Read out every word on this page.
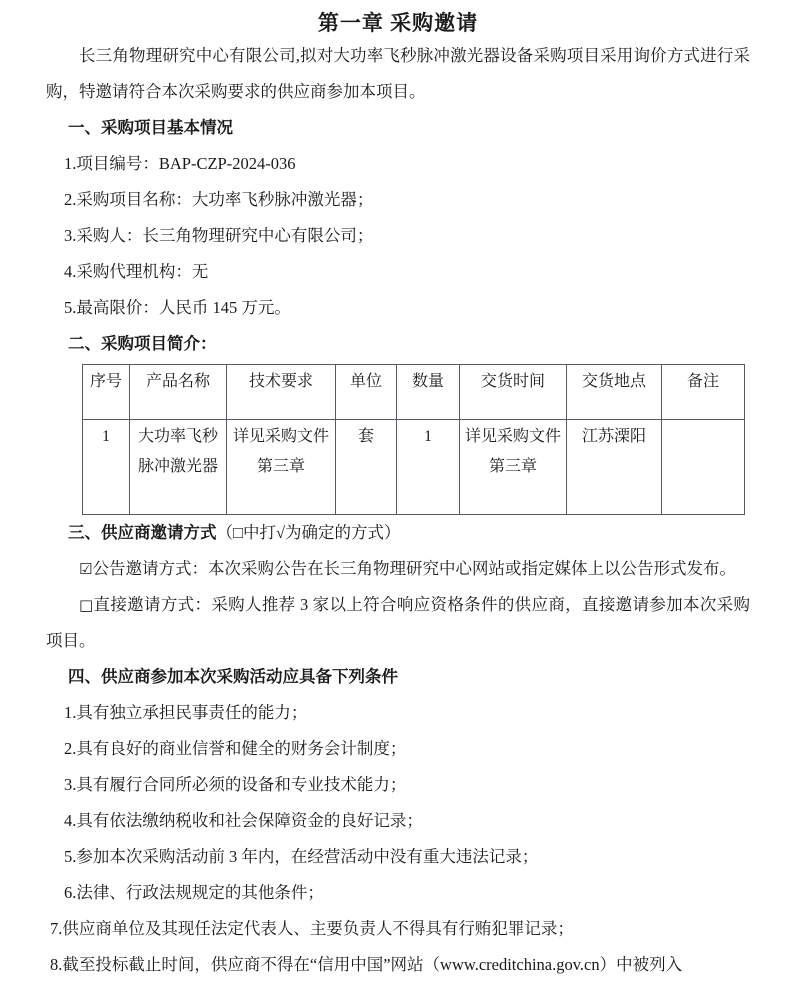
第一章 采购邀请

长三角物理研究中心有限公司,拟对大功率飞秒脉冲激光器设备采购项目采用询价方式进行采购，特邀请符合本次采购要求的供应商参加本项目。

一、采购项目基本情况
1.项目编号：BAP-CZP-2024-036
2.采购项目名称：大功率飞秒脉冲激光器；
3.采购人：长三角物理研究中心有限公司；
4.采购代理机构：无
5.最高限价：人民币 145 万元。
二、采购项目简介：
序号	产品名称	技术要求	单位	数量	交货时间	交货地点	备注
1	大功率飞秒脉冲激光器	详见采购文件第三章	套	1	详见采购文件第三章	江苏溧阳	
三、供应商邀请方式（□中打√为确定的方式）

☑公告邀请方式：本次采购公告在长三角物理研究中心网站或指定媒体上以公告形式发布。

□直接邀请方式：采购人推荐 3 家以上符合响应资格条件的供应商，直接邀请参加本次采购项目。

四、供应商参加本次采购活动应具备下列条件
1.具有独立承担民事责任的能力；
2.具有良好的商业信誉和健全的财务会计制度；
3.具有履行合同所必须的设备和专业技术能力；
4.具有依法缴纳税收和社会保障资金的良好记录；
5.参加本次采购活动前 3 年内，在经营活动中没有重大违法记录；
6.法律、行政法规规定的其他条件；
7.供应商单位及其现任法定代表人、主要负责人不得具有行贿犯罪记录；
8.截至投标截止时间，供应商不得在“信用中国”网站（www.creditchina.gov.cn）中被列入
